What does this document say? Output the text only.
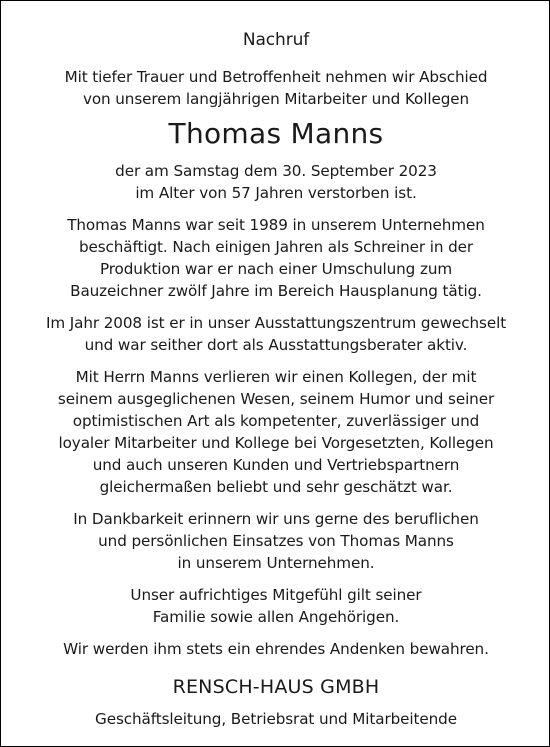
Nachruf
Mit tiefer Trauer und Betroffenheit nehmen wir Abschied
von unserem langjährigen Mitarbeiter und Kollegen
Thomas Manns
der am Samstag dem 30. September 2023
im Alter von 57 Jahren verstorben ist.
Thomas Manns war seit 1989 in unserem Unternehmen
beschäftigt. Nach einigen Jahren als Schreiner in der
Produktion war er nach einer Umschulung zum
Bauzeichner zwölf Jahre im Bereich Hausplanung tätig.
Im Jahr 2008 ist er in unser Ausstattungszentrum gewechselt
und war seither dort als Ausstattungsberater aktiv.
Mit Herrn Manns verlieren wir einen Kollegen, der mit
seinem ausgeglichenen Wesen, seinem Humor und seiner
optimistischen Art als kompetenter, zuverlässiger und
loyaler Mitarbeiter und Kollege bei Vorgesetzten, Kollegen
und auch unseren Kunden und Vertriebspartnern
gleichermaßen beliebt und sehr geschätzt war.
In Dankbarkeit erinnern wir uns gerne des beruflichen
und persönlichen Einsatzes von Thomas Manns
in unserem Unternehmen.
Unser aufrichtiges Mitgefühl gilt seiner
Familie sowie allen Angehörigen.
Wir werden ihm stets ein ehrendes Andenken bewahren.
RENSCH-HAUS GMBH
Geschäftsleitung, Betriebsrat und Mitarbeitende
